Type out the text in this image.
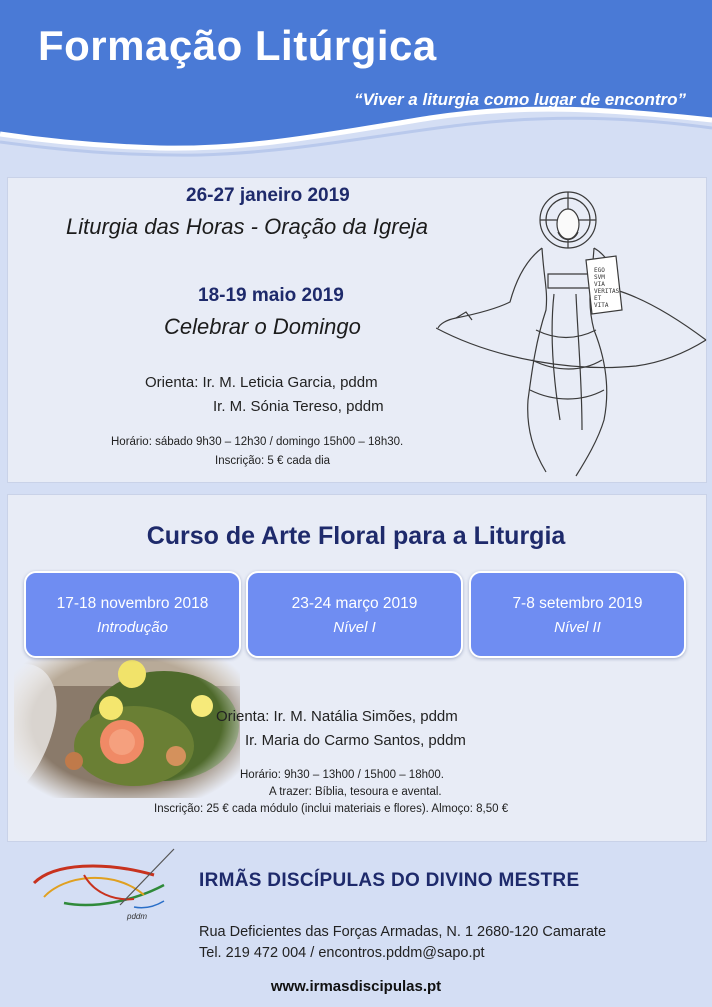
Formação Litúrgica
“Viver a liturgia como lugar de encontro”
26-27 janeiro 2019
Liturgia das Horas - Oração da Igreja
18-19 maio 2019
Celebrar o Domingo
Orienta: Ir. M. Leticia Garcia, pddm
Ir. M. Sónia Tereso, pddm
Horário: sábado 9h30 – 12h30 / domingo 15h00 – 18h30.
Inscrição: 5 € cada dia
EGO
SVM
VIA
VERITAS
ET
VITA
Curso de Arte Floral para a Liturgia
17-18 novembro 2018
Introdução
23-24 março 2019
Nível I
7-8 setembro 2019
Nível II
Orienta: Ir. M. Natália Simões, pddm
Ir. Maria do Carmo Santos, pddm
Horário: 9h30 – 13h00 / 15h00 – 18h00.
A trazer: Bíblia, tesoura e avental.
Inscrição: 25 € cada módulo (inclui materiais e flores). Almoço: 8,50 €
pddm
IRMÃS DISCÍPULAS DO DIVINO MESTRE
Rua Deficientes das Forças Armadas, N. 1 2680-120 Camarate
Tel. 219 472 004 / encontros.pddm@sapo.pt
www.irmasdiscipulas.pt
